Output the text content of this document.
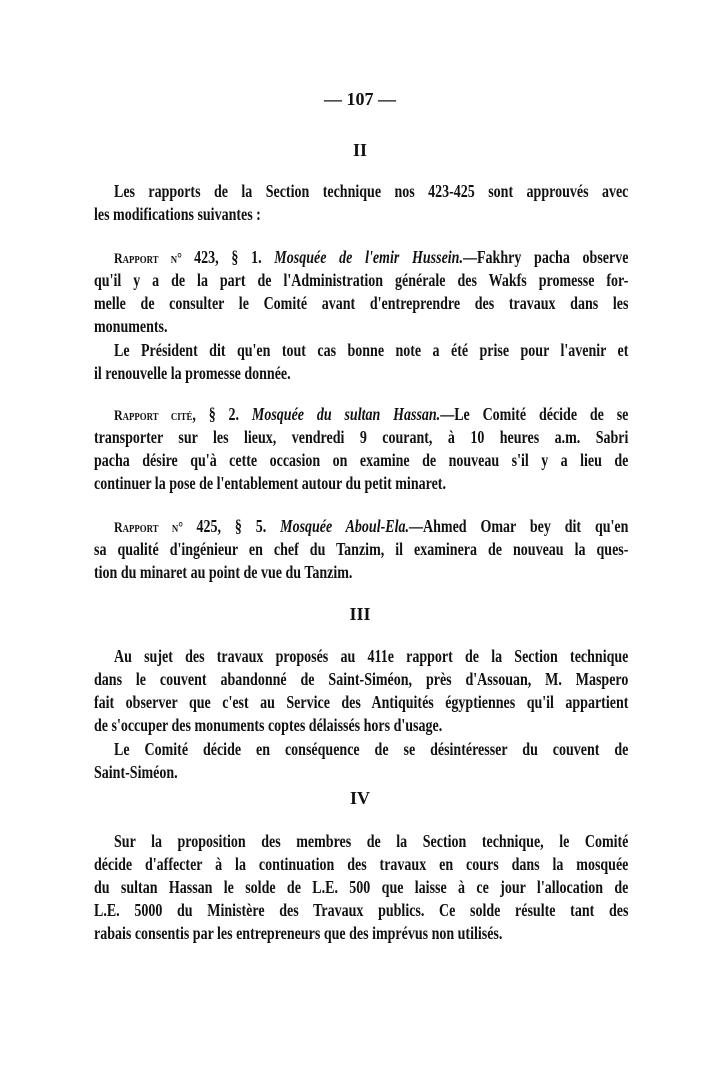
— 107 —
II
Les rapports de la Section technique nos 423-425 sont approuvés avec
les modifications suivantes :
Rapport n° 423, § 1. Mosquée de l'emir Hussein.—Fakhry pacha observe
qu'il y a de la part de l'Administration générale des Wakfs promesse for-
melle de consulter le Comité avant d'entreprendre des travaux dans les
monuments.
Le Président dit qu'en tout cas bonne note a été prise pour l'avenir et
il renouvelle la promesse donnée.
Rapport cité, § 2. Mosquée du sultan Hassan.—Le Comité décide de se
transporter sur les lieux, vendredi 9 courant, à 10 heures a.m. Sabri
pacha désire qu'à cette occasion on examine de nouveau s'il y a lieu de
continuer la pose de l'entablement autour du petit minaret.
Rapport n° 425, § 5. Mosquée Aboul-Ela.—Ahmed Omar bey dit qu'en
sa qualité d'ingénieur en chef du Tanzim, il examinera de nouveau la ques-
tion du minaret au point de vue du Tanzim.
III
Au sujet des travaux proposés au 411e rapport de la Section technique
dans le couvent abandonné de Saint-Siméon, près d'Assouan, M. Maspero
fait observer que c'est au Service des Antiquités égyptiennes qu'il appartient
de s'occuper des monuments coptes délaissés hors d'usage.
Le Comité décide en conséquence de se désintéresser du couvent de
Saint-Siméon.
IV
Sur la proposition des membres de la Section technique, le Comité
décide d'affecter à la continuation des travaux en cours dans la mosquée
du sultan Hassan le solde de L.E. 500 que laisse à ce jour l'allocation de
L.E. 5000 du Ministère des Travaux publics. Ce solde résulte tant des
rabais consentis par les entrepreneurs que des imprévus non utilisés.
